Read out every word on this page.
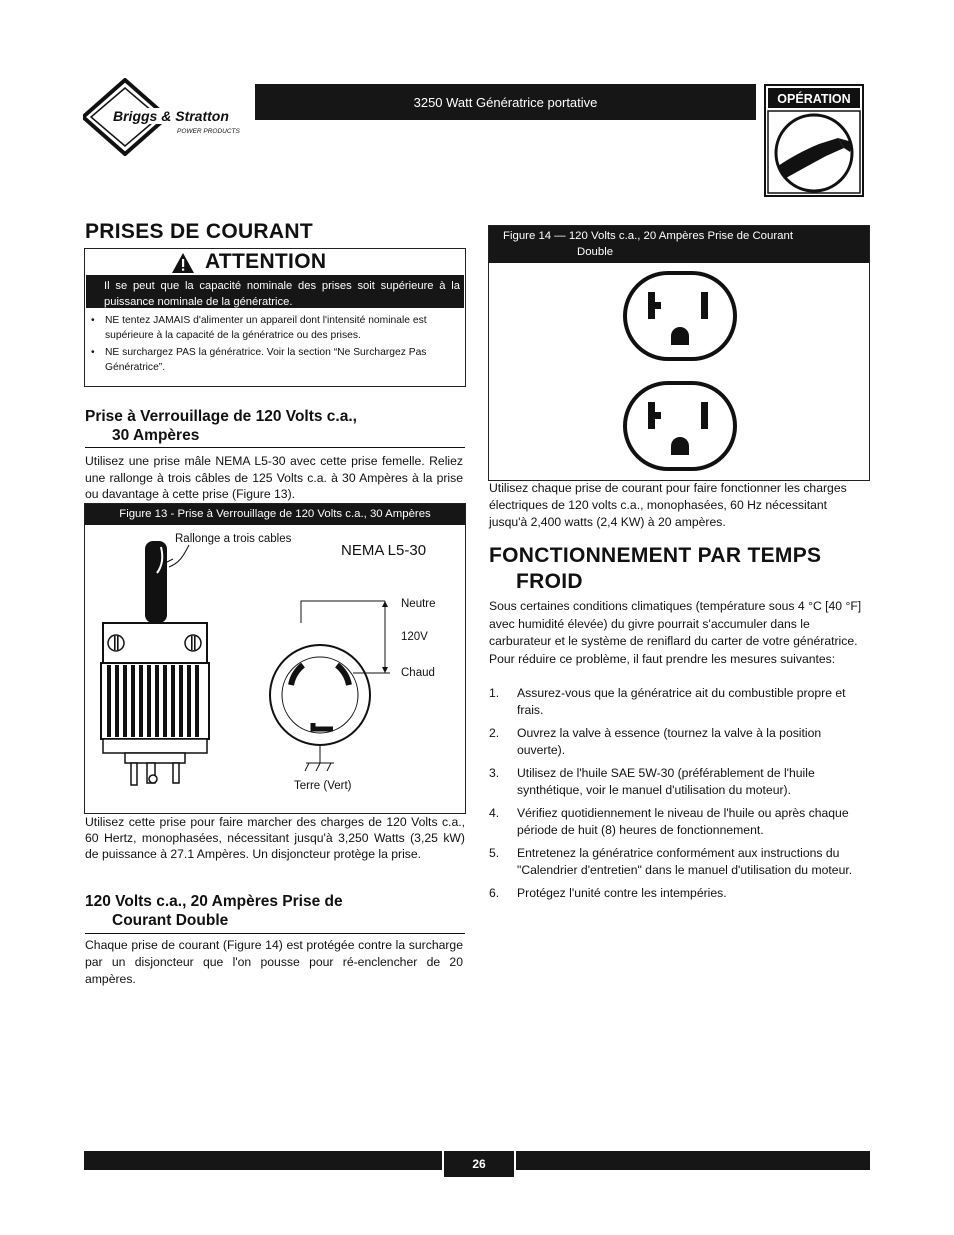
Briggs & Stratton
POWER PRODUCTS
3250 Watt Génératrice portative	OPÉRATION
PRISES DE COURANT
ATTENTION
Il se peut que la capacité nominale des prises soit supérieure à la puissance nominale de la génératrice.
• NE tentez JAMAIS d'alimenter un appareil dont l'intensité nominale est supérieure à la capacité de la génératrice ou des prises.
• NE surchargez PAS la génératrice. Voir la section “Ne Surchargez Pas Génératrice”.
Prise à Verrouillage de 120 Volts c.a.,
30 Ampères
Utilisez une prise mâle NEMA L5-30 avec cette prise femelle. Reliez une rallonge à trois câbles de 125 Volts c.a. à 30 Ampères à la prise ou davantage à cette prise (Figure 13).
Figure 13 - Prise à Verrouillage de 120 Volts c.a., 30 Ampères
Rallonge a trois cables
NEMA L5-30
Neutre
120V
Chaud
Terre (Vert)
Utilisez cette prise pour faire marcher des charges de 120 Volts c.a., 60 Hertz, monophasées, nécessitant jusqu'à 3,250 Watts (3,25 kW) de puissance à 27.1 Ampères. Un disjoncteur protège la prise.
120 Volts c.a., 20 Ampères Prise de
Courant Double
Chaque prise de courant (Figure 14) est protégée contre la surcharge par un disjoncteur que l'on pousse pour ré-enclencher de 20 ampères.
Figure 14 — 120 Volts c.a., 20 Ampères Prise de Courant
Double
Utilisez chaque prise de courant pour faire fonctionner les charges électriques de 120 volts c.a., monophasées, 60 Hz nécessitant jusqu'à 2,400 watts (2,4 KW) à 20 ampères.
FONCTIONNEMENT PAR TEMPS
FROID
Sous certaines conditions climatiques (température sous 4 °C [40 °F] avec humidité élevée) du givre pourrait s'accumuler dans le carburateur et le système de reniflard du carter de votre génératrice. Pour réduire ce problème, il faut prendre les mesures suivantes:
1. Assurez-vous que la génératrice ait du combustible propre et frais.
2. Ouvrez la valve à essence (tournez la valve à la position ouverte).
3. Utilisez de l'huile SAE 5W-30 (préférablement de l'huile synthétique, voir le manuel d'utilisation du moteur).
4. Vérifiez quotidiennement le niveau de l'huile ou après chaque période de huit (8) heures de fonctionnement.
5. Entretenez la génératrice conformément aux instructions du "Calendrier d'entretien" dans le manuel d'utilisation du moteur.
6. Protégez l'unité contre les intempéries.
26
